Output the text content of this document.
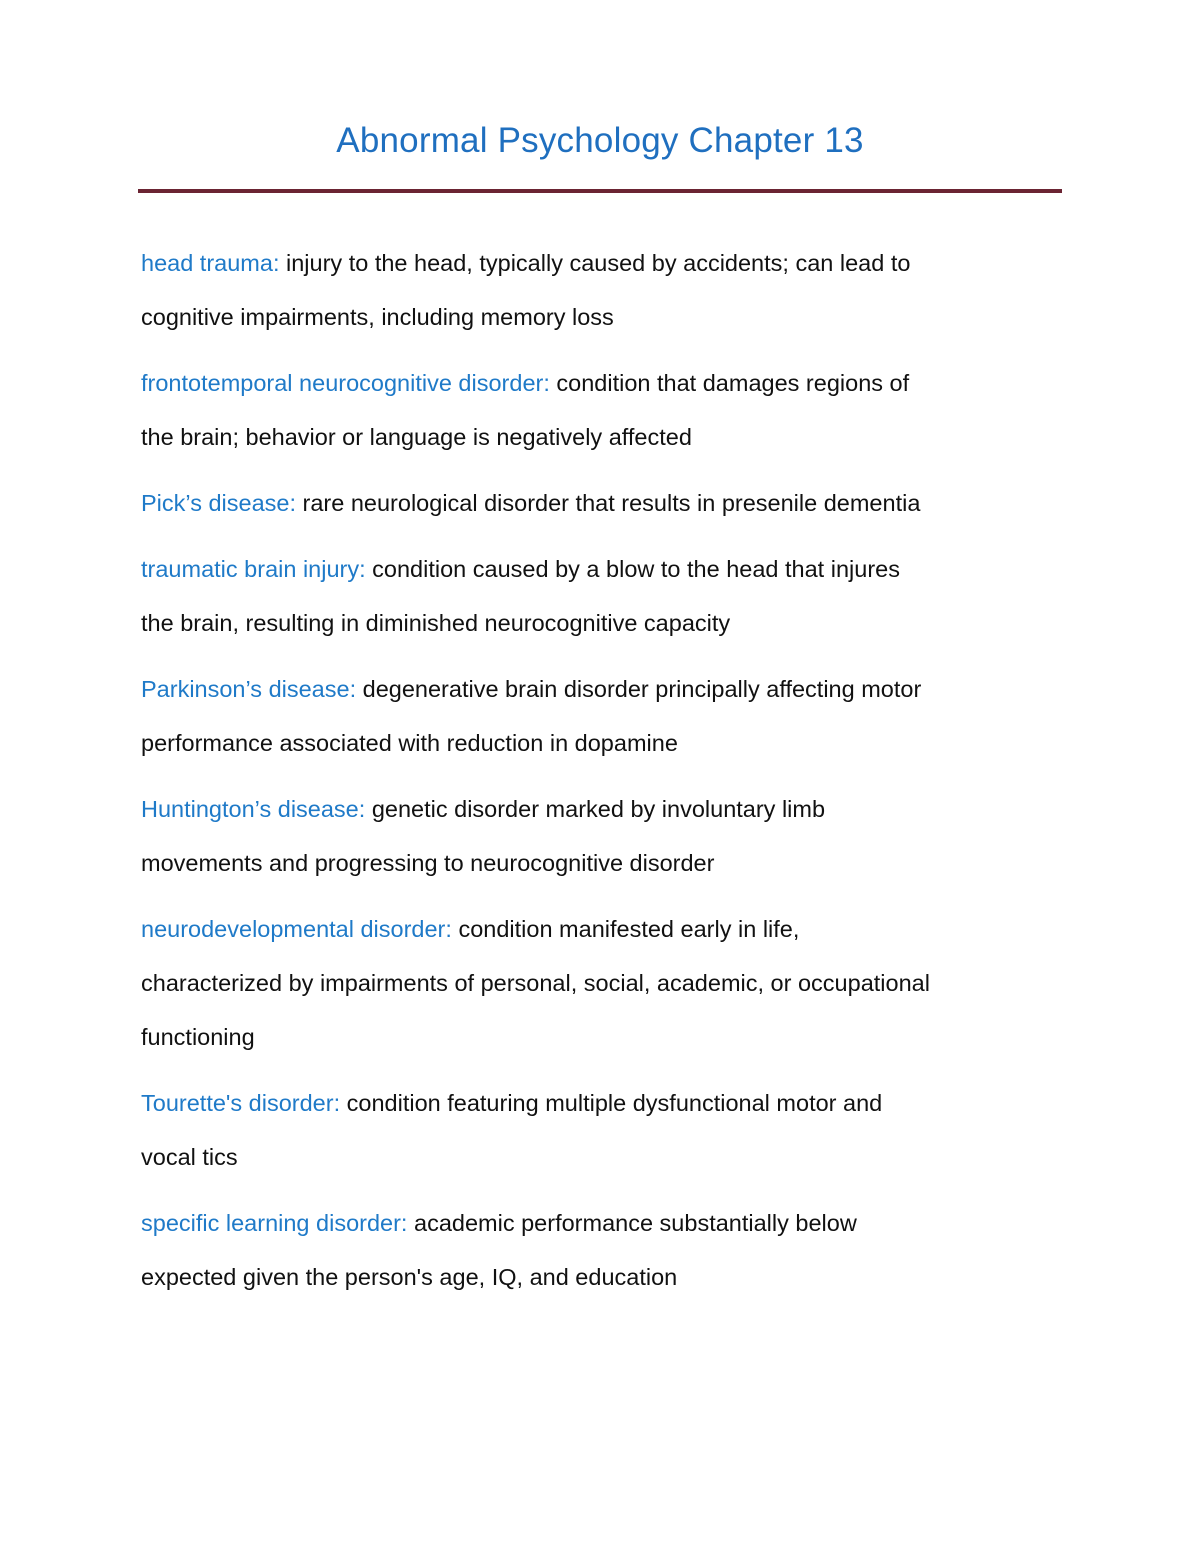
Abnormal Psychology Chapter 13
head trauma: injury to the head, typically caused by accidents; can lead to
cognitive impairments, including memory loss
frontotemporal neurocognitive disorder: condition that damages regions of
the brain; behavior or language is negatively affected
Pick’s disease: rare neurological disorder that results in presenile dementia
traumatic brain injury: condition caused by a blow to the head that injures
the brain, resulting in diminished neurocognitive capacity
Parkinson’s disease: degenerative brain disorder principally affecting motor
performance associated with reduction in dopamine
Huntington’s disease: genetic disorder marked by involuntary limb
movements and progressing to neurocognitive disorder
neurodevelopmental disorder: condition manifested early in life,
characterized by impairments of personal, social, academic, or occupational
functioning
Tourette's disorder: condition featuring multiple dysfunctional motor and
vocal tics
specific learning disorder: academic performance substantially below
expected given the person's age, IQ, and education
